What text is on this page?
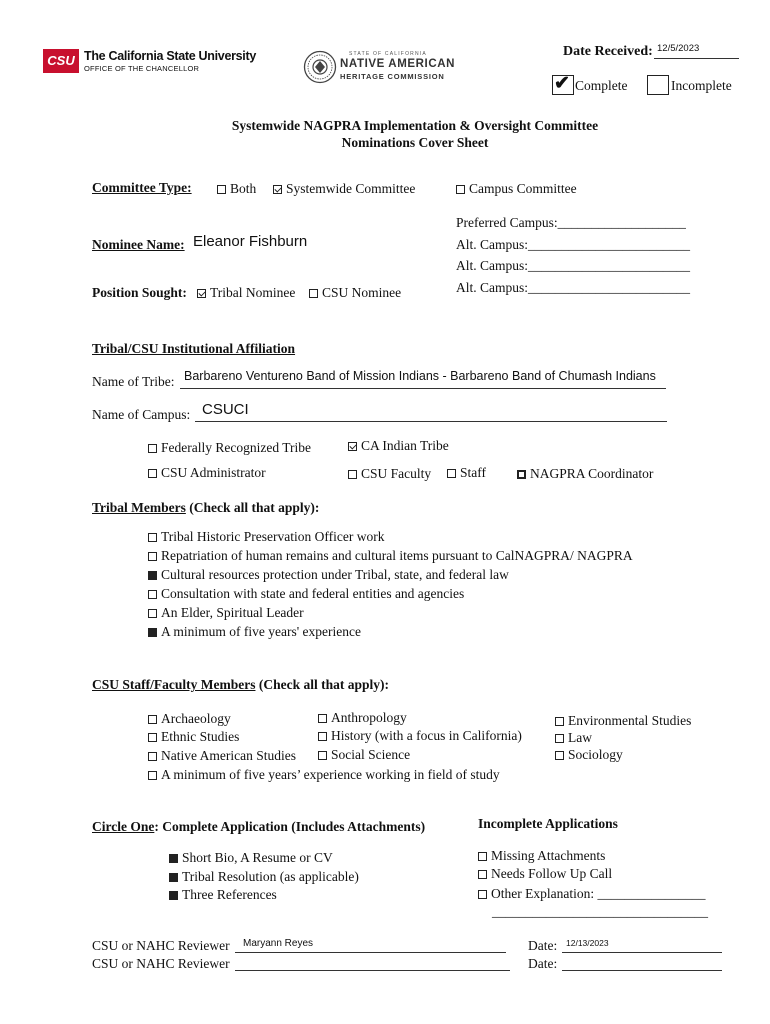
CSU The California State University
OFFICE OF THE CHANCELLOR
STATE OF CALIFORNIA
NATIVE AMERICAN
HERITAGE COMMISSION
Date Received: 12/5/2023
✔ Complete	Incomplete
Systemwide NAGPRA Implementation & Oversight Committee
Nominations Cover Sheet
Committee Type:	Both	Systemwide Committee	Campus Committee
Preferred Campus:___________________
Alt. Campus:________________________
Alt. Campus:________________________
Alt. Campus:________________________
Nominee Name: Eleanor Fishburn
Position Sought:	Tribal Nominee	CSU Nominee
Tribal/CSU Institutional Affiliation
Name of Tribe: Barbareno Ventureno Band of Mission Indians - Barbareno Band of Chumash Indians
Name of Campus: CSUCI
Federally Recognized Tribe	CA Indian Tribe
CSU Administrator	CSU Faculty	Staff	NAGPRA Coordinator
Tribal Members (Check all that apply):
Tribal Historic Preservation Officer work
Repatriation of human remains and cultural items pursuant to CalNAGPRA/ NAGPRA
Cultural resources protection under Tribal, state, and federal law
Consultation with state and federal entities and agencies
An Elder, Spiritual Leader
A minimum of five years' experience
CSU Staff/Faculty Members (Check all that apply):
Archaeology	Anthropology	Environmental Studies
Ethnic Studies	History (with a focus in California)	Law
Native American Studies	Social Science	Sociology
A minimum of five years’ experience working in field of study
Circle One: Complete Application (Includes Attachments)
Short Bio, A Resume or CV
Tribal Resolution (as applicable)
Three References
Incomplete Applications
Missing Attachments
Needs Follow Up Call
Other Explanation: ________________
________________________________
CSU or NAHC Reviewer Maryann Reyes
CSU or NAHC Reviewer
Date: 12/13/2023
Date:
